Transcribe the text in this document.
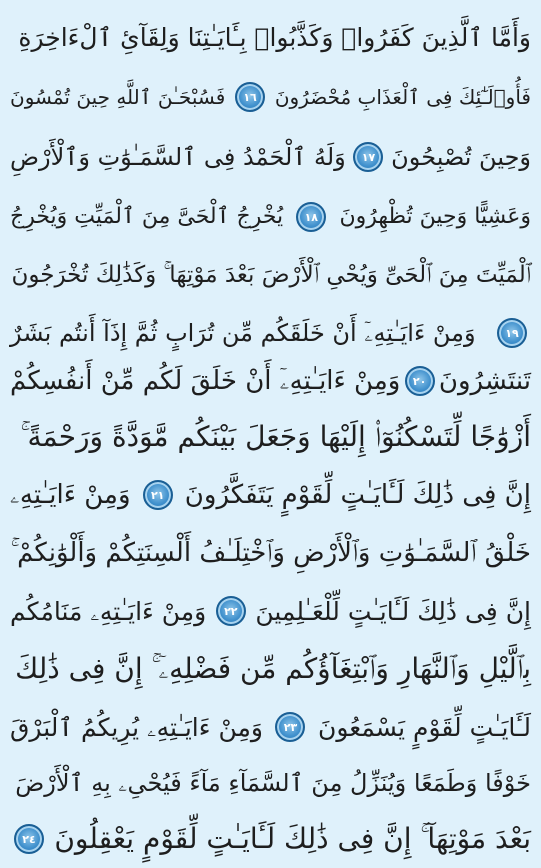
وَأَمَّا ٱلَّذِينَ كَفَرُوا۟ وَكَذَّبُوا۟ بِـَٔايَـٰتِنَا وَلِقَآئِ ٱلْءَاخِرَةِ
فَأُو۟لَـٰٓئِكَ فِى ٱلْعَذَابِ مُحْضَرُونَ
١٦
فَسُبْحَـٰنَ ٱللَّهِ حِينَ تُمْسُونَ
وَحِينَ تُصْبِحُونَ
١٧
وَلَهُ ٱلْحَمْدُ فِى ٱلسَّمَـٰوَٰتِ وَٱلْأَرْضِ
وَعَشِيًّا وَحِينَ تُظْهِرُونَ
١٨
يُخْرِجُ ٱلْحَىَّ مِنَ ٱلْمَيِّتِ وَيُخْرِجُ
ٱلْمَيِّتَ مِنَ ٱلْحَىِّ وَيُحْىِ ٱلْأَرْضَ بَعْدَ مَوْتِهَا ۚ وَكَذَٰلِكَ تُخْرَجُونَ
١٩
وَمِنْ ءَايَـٰتِهِۦٓ أَنْ خَلَقَكُم مِّن تُرَابٍ ثُمَّ إِذَآ أَنتُم بَشَرٌ
تَنتَشِرُونَ
٢٠
وَمِنْ ءَايَـٰتِهِۦٓ أَنْ خَلَقَ لَكُم مِّنْ أَنفُسِكُمْ
أَزْوَٰجًا لِّتَسْكُنُوٓا۟ إِلَيْهَا وَجَعَلَ بَيْنَكُم مَّوَدَّةً وَرَحْمَةً ۚ
إِنَّ فِى ذَٰلِكَ لَـَٔايَـٰتٍ لِّقَوْمٍ يَتَفَكَّرُونَ
٢١
وَمِنْ ءَايَـٰتِهِۦ
خَلْقُ ٱلسَّمَـٰوَٰتِ وَٱلْأَرْضِ وَٱخْتِلَـٰفُ أَلْسِنَتِكُمْ وَأَلْوَٰنِكُمْ ۚ
إِنَّ فِى ذَٰلِكَ لَـَٔايَـٰتٍ لِّلْعَـٰلِمِينَ
٢٢
وَمِنْ ءَايَـٰتِهِۦ مَنَامُكُم
بِٱلَّيْلِ وَٱلنَّهَارِ وَٱبْتِغَآؤُكُم مِّن فَضْلِهِۦٓ ۚ إِنَّ فِى ذَٰلِكَ
لَـَٔايَـٰتٍ لِّقَوْمٍ يَسْمَعُونَ
٢٣
وَمِنْ ءَايَـٰتِهِۦ يُرِيكُمُ ٱلْبَرْقَ
خَوْفًا وَطَمَعًا وَيُنَزِّلُ مِنَ ٱلسَّمَآءِ مَآءً فَيُحْىِۦ بِهِ ٱلْأَرْضَ
بَعْدَ مَوْتِهَآ ۚ إِنَّ فِى ذَٰلِكَ لَـَٔايَـٰتٍ لِّقَوْمٍ يَعْقِلُونَ
٢٤
